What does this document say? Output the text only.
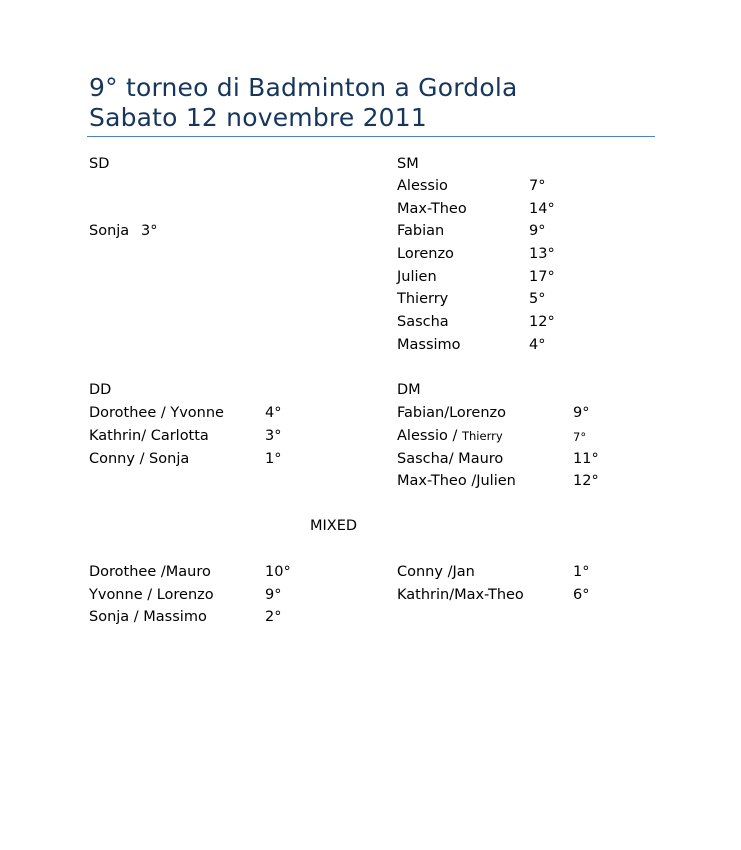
9° torneo di Badminton a Gordola
Sabato 12 novembre 2011
SD
Sonja 3°
SM
Alessio	7°
Max-Theo	14°
Fabian	9°
Lorenzo	13°
Julien	17°
Thierry	5°
Sascha	12°
Massimo	4°
DD
Dorothee / Yvonne	4°
Kathrin/ Carlotta	3°
Conny / Sonja	1°
DM
Fabian/Lorenzo	9°
Alessio / Thierry	7°
Sascha/ Mauro	11°
Max-Theo /Julien	12°
MIXED
Dorothee /Mauro	10°
Yvonne / Lorenzo	9°
Sonja / Massimo	2°
Conny /Jan	1°
Kathrin/Max-Theo	6°
